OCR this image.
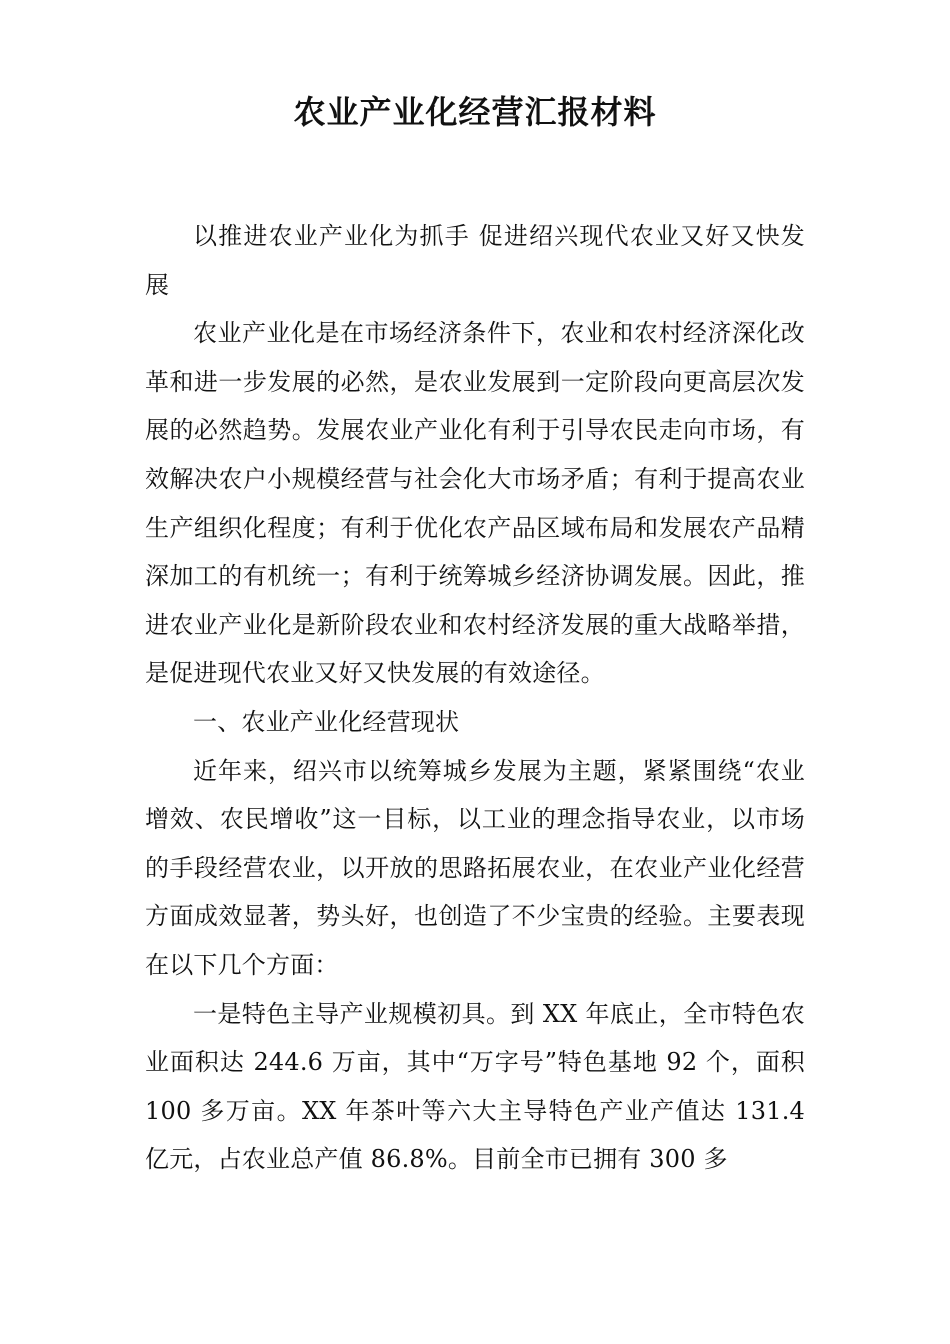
农业产业化经营汇报材料

以推进农业产业化为抓手 促进绍兴现代农业又好又快发展

农业产业化是在市场经济条件下，农业和农村经济深化改革和进一步发展的必然，是农业发展到一定阶段向更高层次发展的必然趋势。发展农业产业化有利于引导农民走向市场，有效解决农户小规模经营与社会化大市场矛盾；有利于提高农业生产组织化程度；有利于优化农产品区域布局和发展农产品精深加工的有机统一；有利于统筹城乡经济协调发展。因此，推进农业产业化是新阶段农业和农村经济发展的重大战略举措，是促进现代农业又好又快发展的有效途径。

一、农业产业化经营现状

近年来，绍兴市以统筹城乡发展为主题，紧紧围绕“农业增效、农民增收”这一目标，以工业的理念指导农业，以市场的手段经营农业，以开放的思路拓展农业，在农业产业化经营方面成效显著，势头好，也创造了不少宝贵的经验。主要表现在以下几个方面：

一是特色主导产业规模初具。到 XX 年底止，全市特色农业面积达 244.6 万亩，其中“万字号”特色基地 92 个，面积 100 多万亩。XX 年茶叶等六大主导特色产业产值达 131.4 亿元，占农业总产值 86.8%。目前全市已拥有 300 多
